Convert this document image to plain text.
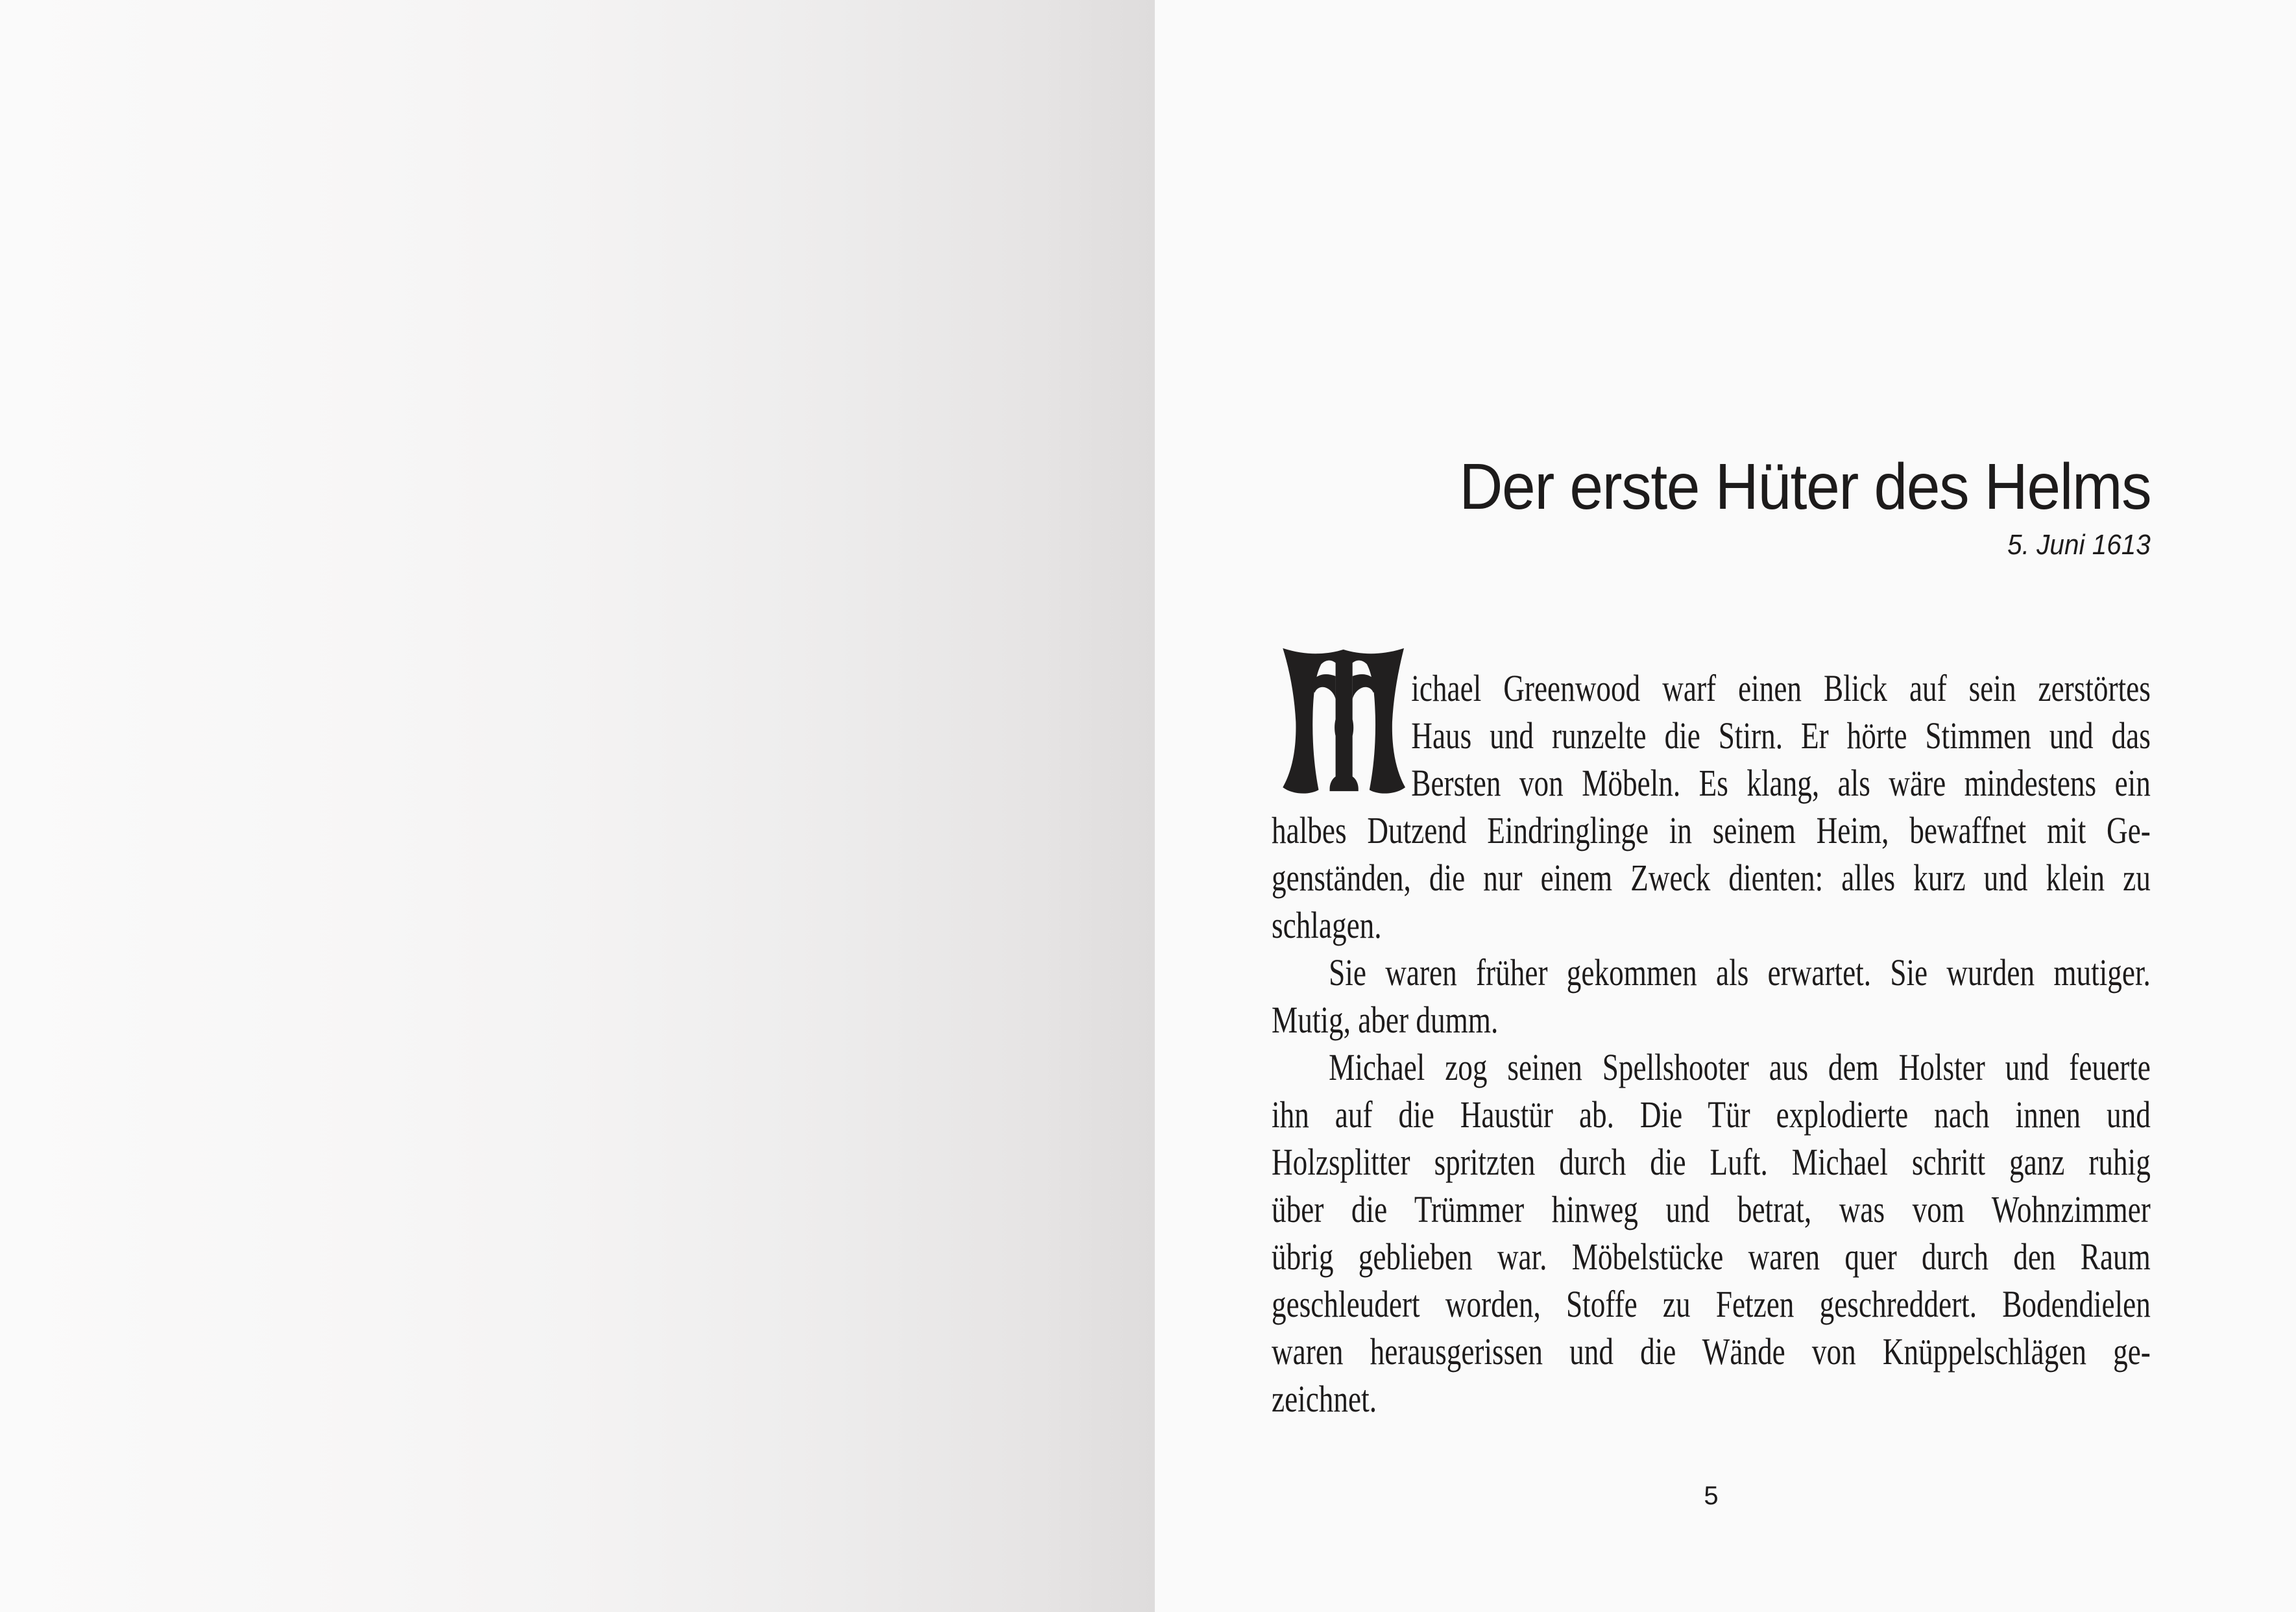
Der erste Hüter des Helms
5. Juni 1613
ichael Greenwood warf einen Blick auf sein zerstörtes
Haus und runzelte die Stirn. Er hörte Stimmen und das
Bersten von Möbeln. Es klang, als wäre mindestens ein
halbes Dutzend Eindringlinge in seinem Heim, bewaffnet mit Ge-
genständen, die nur einem Zweck dienten: alles kurz und klein zu
schlagen.
Sie waren früher gekommen als erwartet. Sie wurden mutiger.
Mutig, aber dumm.
Michael zog seinen Spellshooter aus dem Holster und feuerte
ihn auf die Haustür ab. Die Tür explodierte nach innen und
Holzsplitter spritzten durch die Luft. Michael schritt ganz ruhig
über die Trümmer hinweg und betrat, was vom Wohnzimmer
übrig geblieben war. Möbelstücke waren quer durch den Raum
geschleudert worden, Stoffe zu Fetzen geschreddert. Bodendielen
waren herausgerissen und die Wände von Knüppelschlägen ge-
zeichnet.
5
